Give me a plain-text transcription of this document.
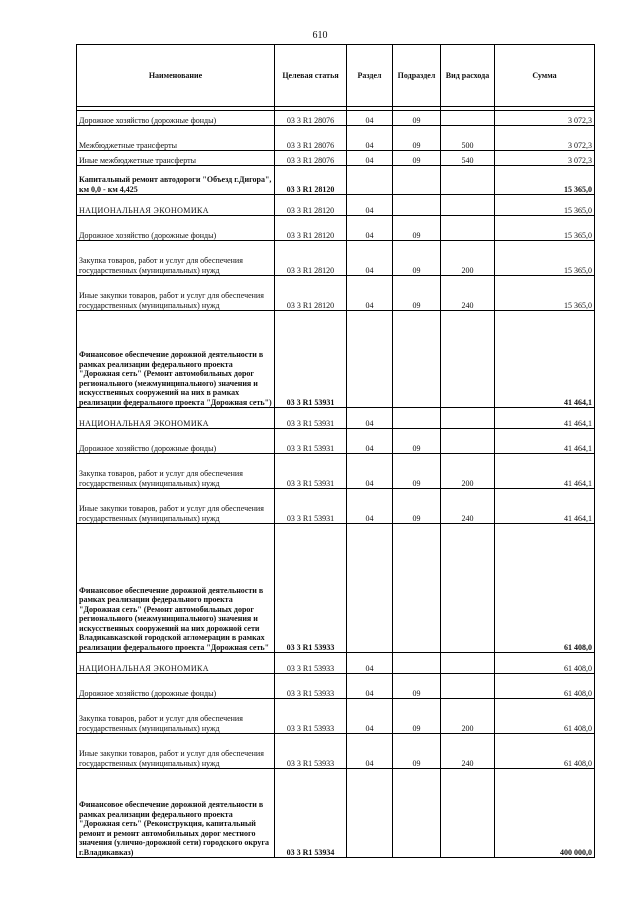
610
Наименование	Целевая статья	Раздел	Подраздел	Вид расхода	Сумма

Дорожное хозяйство (дорожные фонды)	03 3 R1 28076	04	09		3 072,3
Межбюджетные трансферты	03 3 R1 28076	04	09	500	3 072,3
Иные межбюджетные трансферты	03 3 R1 28076	04	09	540	3 072,3
Капитальный ремонт автодороги "Объезд г.Дигора", км 0,0 - км 4,425	03 3 R1 28120				15 365,0
НАЦИОНАЛЬНАЯ ЭКОНОМИКА	03 3 R1 28120	04			15 365,0
Дорожное хозяйство (дорожные фонды)	03 3 R1 28120	04	09		15 365,0
Закупка товаров, работ и услуг для обеспечения государственных (муниципальных) нужд	03 3 R1 28120	04	09	200	15 365,0
Иные закупки товаров, работ и услуг для обеспечения государственных (муниципальных) нужд	03 3 R1 28120	04	09	240	15 365,0
Финансовое обеспечение дорожной деятельности в рамках реализации федерального проекта "Дорожная сеть" (Ремонт автомобильных дорог регионального (межмуниципального) значения и искусственных сооружений на них в рамках реализации федерального проекта "Дорожная сеть")	03 3 R1 53931				41 464,1
НАЦИОНАЛЬНАЯ ЭКОНОМИКА	03 3 R1 53931	04			41 464,1
Дорожное хозяйство (дорожные фонды)	03 3 R1 53931	04	09		41 464,1
Закупка товаров, работ и услуг для обеспечения государственных (муниципальных) нужд	03 3 R1 53931	04	09	200	41 464,1
Иные закупки товаров, работ и услуг для обеспечения государственных (муниципальных) нужд	03 3 R1 53931	04	09	240	41 464,1
Финансовое обеспечение дорожной деятельности в рамках реализации федерального проекта "Дорожная сеть" (Ремонт автомобильных дорог регионального (межмуниципального) значения и искусственных сооружений на них дорожной сети Владикавказской городской агломерации в рамках реализации федерального проекта "Дорожная сеть"	03 3 R1 53933				61 408,0
НАЦИОНАЛЬНАЯ ЭКОНОМИКА	03 3 R1 53933	04			61 408,0
Дорожное хозяйство (дорожные фонды)	03 3 R1 53933	04	09		61 408,0
Закупка товаров, работ и услуг для обеспечения государственных (муниципальных) нужд	03 3 R1 53933	04	09	200	61 408,0
Иные закупки товаров, работ и услуг для обеспечения государственных (муниципальных) нужд	03 3 R1 53933	04	09	240	61 408,0
Финансовое обеспечение дорожной деятельности в рамках реализации федерального проекта "Дорожная сеть" (Реконструкция, капитальный ремонт и ремонт автомобильных дорог местного значения (улично-дорожной сети) городского округа г.Владикавказ)	03 3 R1 53934				400 000,0
